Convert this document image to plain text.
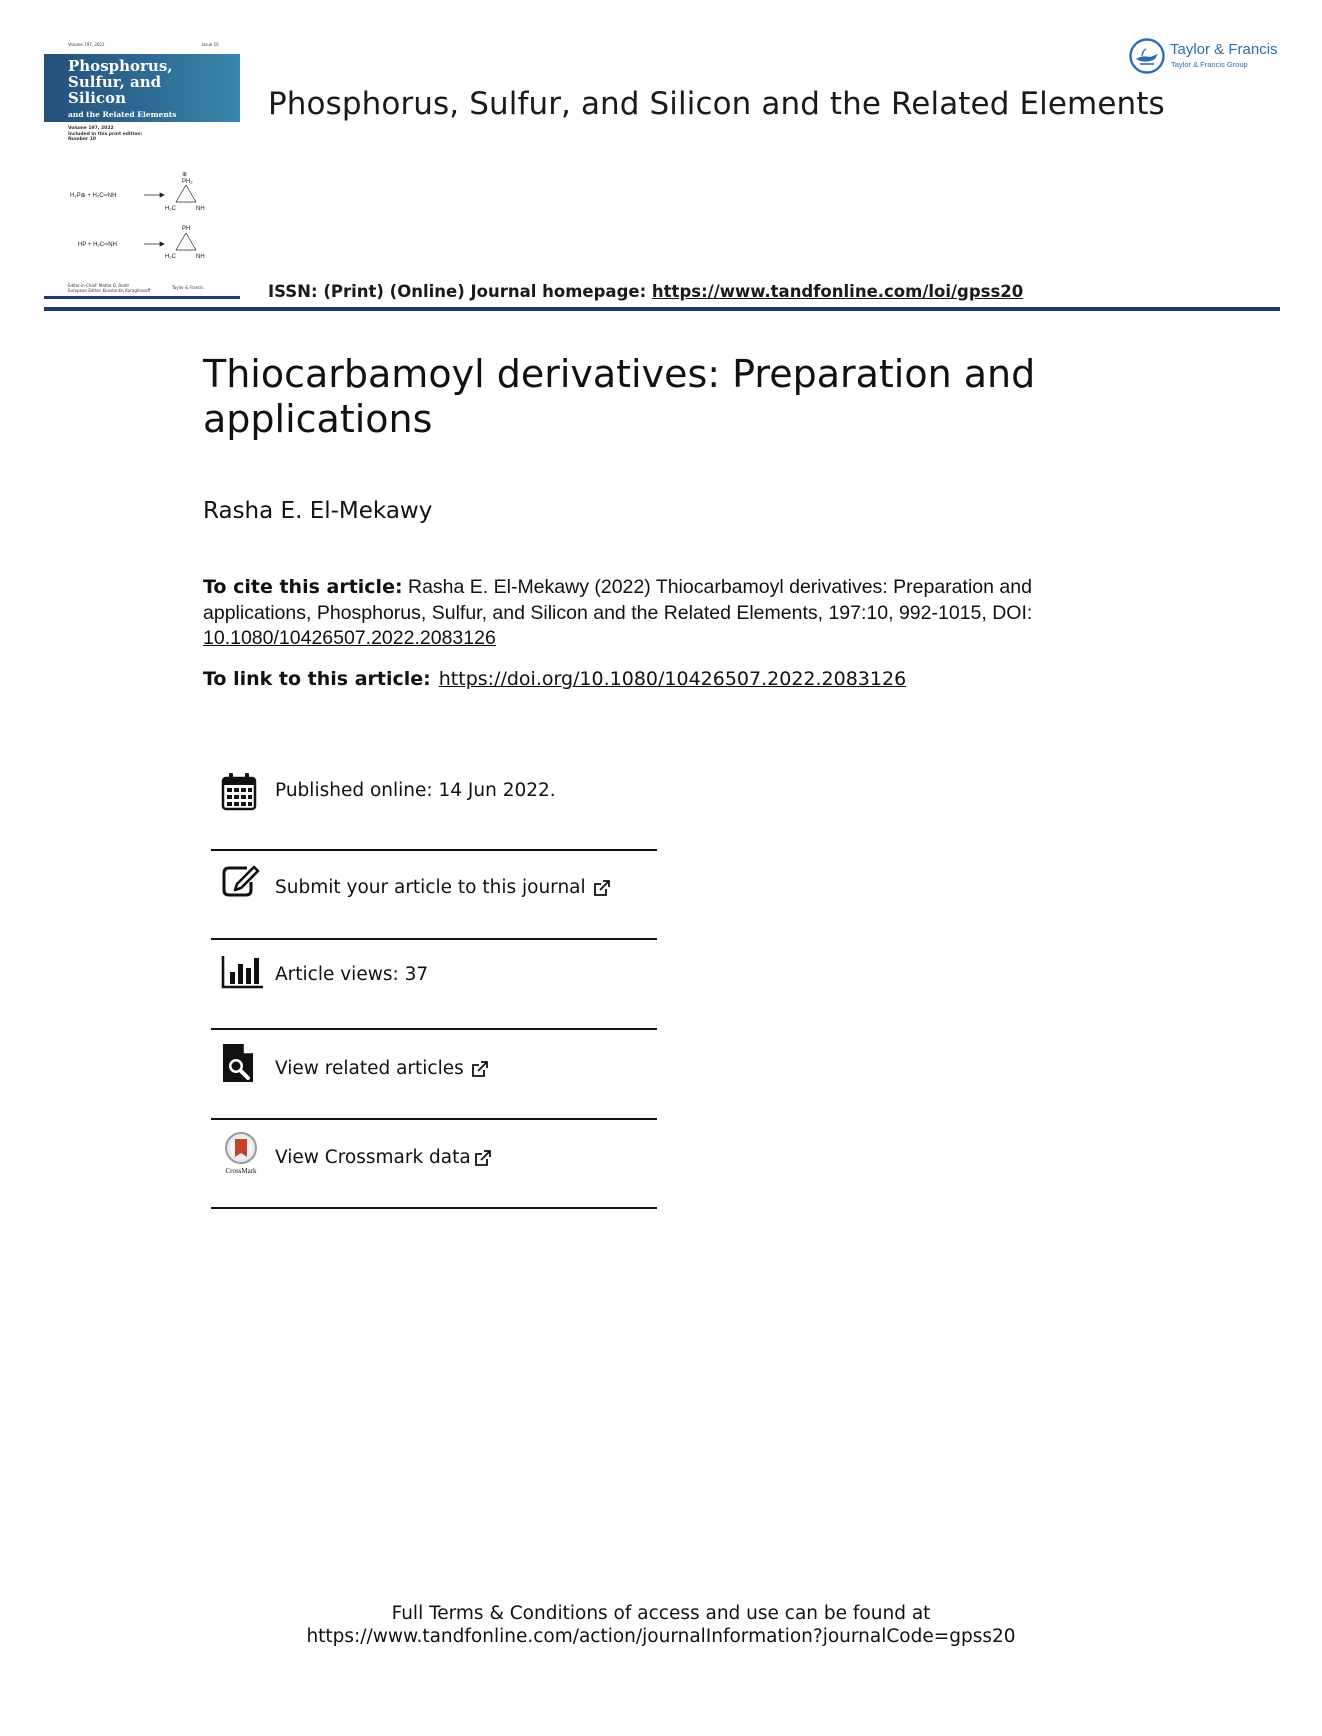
Volume 197, 2022	Issue 10
Phosphorus, Sulfur, and Silicon
and the Related Elements
Volume 197, 2022
Included in this print edition:
Number 10
H₂P⊕ + H₂C═NH
⊕
PH₂
H₂C	NH
HP + H₂C═NH
PH
H₂C	NH
Editor-in-Chief: Mattie D. Rudd
European Editor: Konstantin Karaghiosoff
Taylor & Francis
Phosphorus, Sulfur, and Silicon and the Related Elements
Taylor & Francis
Taylor & Francis Group
ISSN: (Print) (Online) Journal homepage: https://www.tandfonline.com/loi/gpss20
Thiocarbamoyl derivatives: Preparation and applications
Rasha E. El-Mekawy
To cite this article: Rasha E. El-Mekawy (2022) Thiocarbamoyl derivatives: Preparation and applications, Phosphorus, Sulfur, and Silicon and the Related Elements, 197:10, 992-1015, DOI: 10.1080/10426507.2022.2083126
To link to this article: https://doi.org/10.1080/10426507.2022.2083126
Published online: 14 Jun 2022.
Submit your article to this journal
Article views: 37
View related articles
CrossMark
View Crossmark data
Full Terms & Conditions of access and use can be found at
https://www.tandfonline.com/action/journalInformation?journalCode=gpss20
